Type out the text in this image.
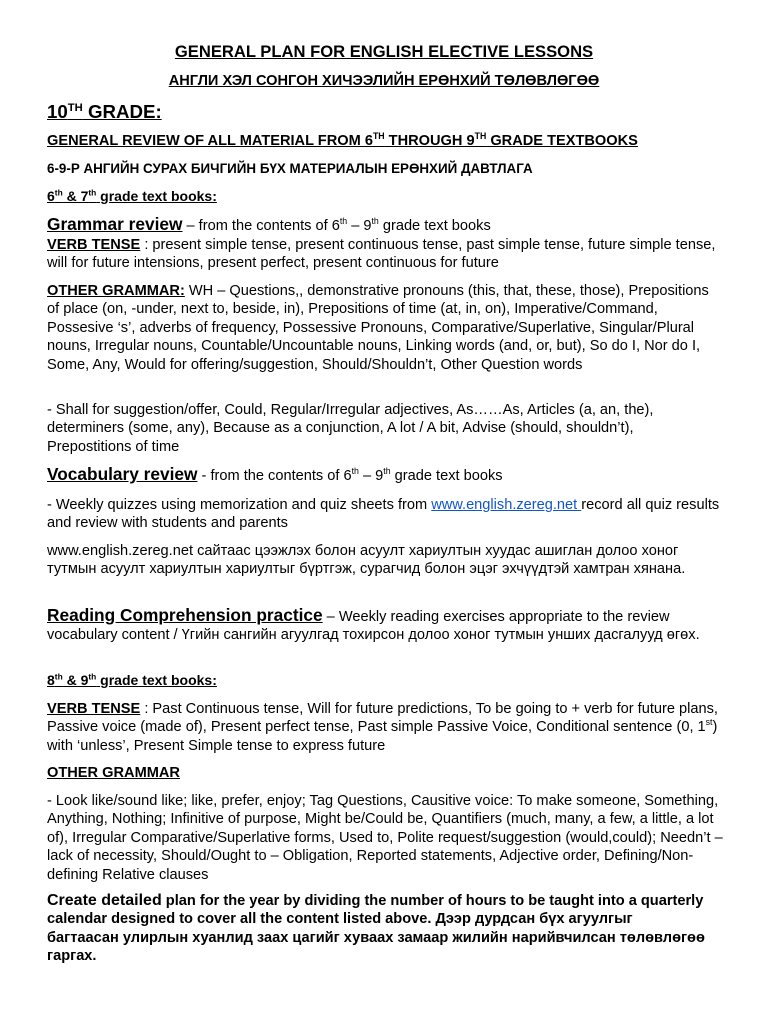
GENERAL PLAN FOR ENGLISH ELECTIVE LESSONS

АНГЛИ ХЭЛ СОНГОН ХИЧЭЭЛИЙН ЕРӨНХИЙ ТӨЛӨВЛӨГӨӨ

10TH GRADE:

GENERAL REVIEW OF ALL MATERIAL FROM 6TH THROUGH 9TH GRADE TEXTBOOKS

6-9-Р АНГИЙН СУРАХ БИЧГИЙН БҮХ МАТЕРИАЛЫН ЕРӨНХИЙ ДАВТЛАГА

6th & 7th grade text books:

Grammar review – from the contents of 6th – 9th grade text books

VERB TENSE : present simple tense, present continuous tense, past simple tense, future simple tense, will for future intensions, present perfect, present continuous for future

OTHER GRAMMAR: WH – Questions,, demonstrative pronouns (this, that, these, those), Prepositions of place (on, -under, next to, beside, in), Prepositions of time (at, in, on), Imperative/Command, Possesive ‘s’, adverbs of frequency, Possessive Pronouns, Comparative/Superlative, Singular/Plural nouns, Irregular nouns, Countable/Uncountable nouns, Linking words (and, or, but), So do I, Nor do I, Some, Any, Would for offering/suggestion, Should/Shouldn’t, Other Question words

- Shall for suggestion/offer, Could, Regular/Irregular adjectives, As……As, Articles (a, an, the), determiners (some, any), Because as a conjunction, A lot / A bit, Advise (should, shouldn’t), Prepostitions of time

Vocabulary review - from the contents of 6th – 9th grade text books

- Weekly quizzes using memorization and quiz sheets from www.english.zereg.net record all quiz results and review with students and parents

www.english.zereg.net сайтаас цээжлэх болон асуулт хариултын хуудас ашиглан долоо хоног тутмын асуулт хариултын хариултыг бүртгэж, сурагчид болон эцэг эхчүүдтэй хамтран хянана.

Reading Comprehension practice – Weekly reading exercises appropriate to the review vocabulary content / Үгийн сангийн агуулгад тохирсон долоо хоног тутмын унших дасгалууд өгөх.

8th & 9th grade text books:

VERB TENSE : Past Continuous tense, Will for future predictions, To be going to + verb for future plans, Passive voice (made of), Present perfect tense, Past simple Passive Voice, Conditional sentence (0, 1st) with ‘unless’, Present Simple tense to express future

OTHER GRAMMAR

- Look like/sound like; like, prefer, enjoy; Tag Questions, Causitive voice: To make someone, Something, Anything, Nothing; Infinitive of purpose, Might be/Could be, Quantifiers (much, many, a few, a little, a lot of), Irregular Comparative/Superlative forms, Used to, Polite request/suggestion (would,could); Needn’t – lack of necessity, Should/Ought to – Obligation, Reported statements, Adjective order, Defining/Non-defining Relative clauses

Create detailed plan for the year by dividing the number of hours to be taught into a quarterly calendar designed to cover all the content listed above. Дээр дурдсан бүх агуулгыг багтаасан улирлын хуанлид заах цагийг хуваах замаар жилийн нарийвчилсан төлөвлөгөө гаргах.
